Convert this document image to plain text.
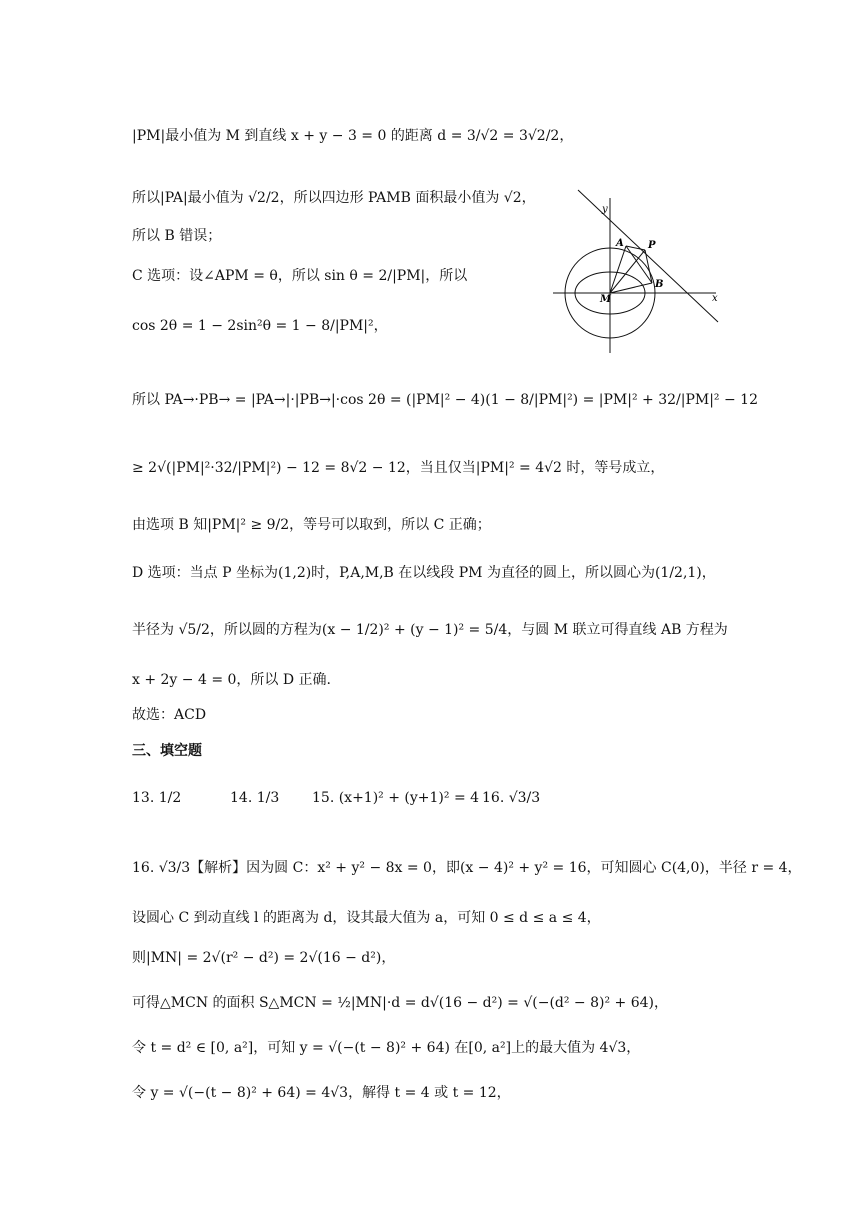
|PM|最小值为 M 到直线 x + y − 3 = 0 的距离 d = 3/√2 = 3√2/2，
所以|PA|最小值为 √2/2，所以四边形 PAMB 面积最小值为 √2，
所以 B 错误；
C 选项：设∠APM = θ，所以 sin θ = 2/|PM|，所以
cos 2θ = 1 − 2sin²θ = 1 − 8/|PM|²，
所以 PA→·PB→ = |PA→|·|PB→|·cos 2θ = (|PM|² − 4)(1 − 8/|PM|²) = |PM|² + 32/|PM|² − 12
≥ 2√(|PM|²·32/|PM|²) − 12 = 8√2 − 12，当且仅当|PM|² = 4√2 时，等号成立，
由选项 B 知|PM|² ≥ 9/2，等号可以取到，所以 C 正确；
D 选项：当点 P 坐标为(1,2)时，P,A,M,B 在以线段 PM 为直径的圆上，所以圆心为(1/2,1)，
半径为 √5/2，所以圆的方程为(x − 1/2)² + (y − 1)² = 5/4，与圆 M 联立可得直线 AB 方程为
x + 2y − 4 = 0，所以 D 正确.
故选：ACD
三、填空题
13. 1/2	14. 1/3 15. (x+1)² + (y+1)² = 4 16. √3/3
16. √3/3【解析】因为圆 C：x² + y² − 8x = 0，即(x − 4)² + y² = 16，可知圆心 C(4,0)，半径 r = 4，
设圆心 C 到动直线 l 的距离为 d，设其最大值为 a，可知 0 ≤ d ≤ a ≤ 4，
则|MN| = 2√(r² − d²) = 2√(16 − d²)，
可得△MCN 的面积 S△MCN = ½|MN|·d = d√(16 − d²) = √(−(d² − 8)² + 64)，
令 t = d² ∈ [0, a²]，可知 y = √(−(t − 8)² + 64) 在[0, a²]上的最大值为 4√3，
令 y = √(−(t − 8)² + 64) = 4√3，解得 t = 4 或 t = 12，
y
x
A P
B
M
